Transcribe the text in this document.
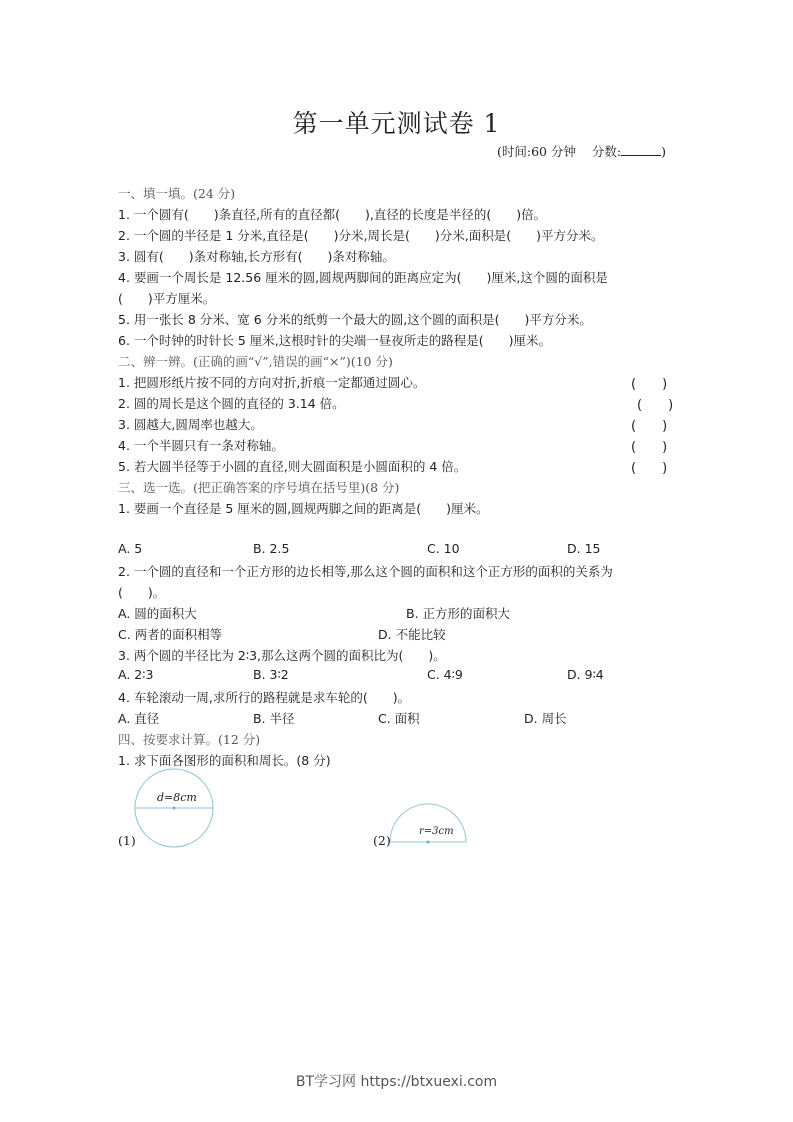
第一单元测试卷 1
(时间:60 分钟 分数:	)
一、填一填。(24 分)
1. 一个圆有(　　)条直径,所有的直径都(　　),直径的长度是半径的(　　)倍。
2. 一个圆的半径是 1 分米,直径是(　　)分米,周长是(　　)分米,面积是(　　)平方分米。
3. 圆有(　　)条对称轴,长方形有(　　)条对称轴。
4. 要画一个周长是 12.56 厘米的圆,圆规两脚间的距离应定为(　　)厘米,这个圆的面积是
(　　)平方厘米。
5. 用一张长 8 分米、宽 6 分米的纸剪一个最大的圆,这个圆的面积是(　　)平方分米。
6. 一个时钟的时针长 5 厘米,这根时针的尖端一昼夜所走的路程是(　　)厘米。
二、辨一辨。(正确的画“√”,错误的画“×”)(10 分)
1. 把圆形纸片按不同的方向对折,折痕一定都通过圆心。	(　　)
2. 圆的周长是这个圆的直径的 3.14 倍。	(　　)
3. 圆越大,圆周率也越大。	(　　)
4. 一个半圆只有一条对称轴。	(　　)
5. 若大圆半径等于小圆的直径,则大圆面积是小圆面积的 4 倍。	(　　)
三、选一选。(把正确答案的序号填在括号里)(8 分)
1. 要画一个直径是 5 厘米的圆,圆规两脚之间的距离是(　　)厘米。
A. 5	B. 2.5	C. 10	D. 15
2. 一个圆的直径和一个正方形的边长相等,那么这个圆的面积和这个正方形的面积的关系为
(　　)。
A. 圆的面积大	B. 正方形的面积大
C. 两者的面积相等	D. 不能比较
3. 两个圆的半径比为 2∶3,那么这两个圆的面积比为(　　)。
A. 2∶3	B. 3∶2	C. 4∶9	D. 9∶4
4. 车轮滚动一周,求所行的路程就是求车轮的(　　)。
A. 直径	B. 半径	C. 面积	D. 周长
四、按要求计算。(12 分)
1. 求下面各图形的面积和周长。(8 分)
d=8cm
(1)
r=3cm
(2)
BT学习网 https://btxuexi.com
